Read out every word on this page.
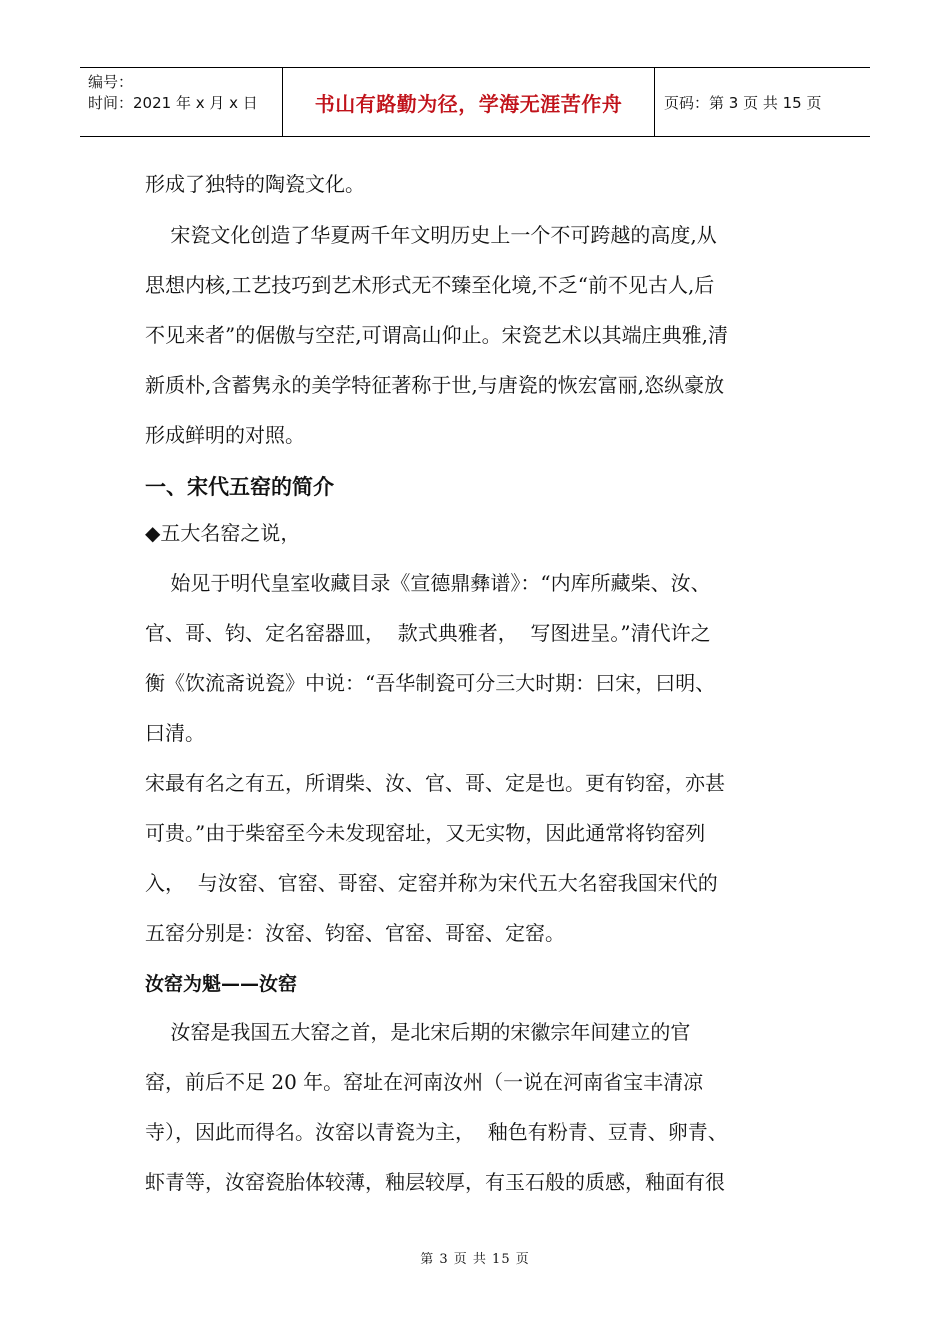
编号：
时间：2021 年 x 月 x 日	书山有路勤为径，学海无涯苦作舟	页码：第 3 页 共 15 页
形成了独特的陶瓷文化。
宋瓷文化创造了华夏两千年文明历史上一个不可跨越的高度,从
思想内核,工艺技巧到艺术形式无不臻至化境,不乏“前不见古人,后
不见来者”的倨傲与空茫,可谓高山仰止。宋瓷艺术以其端庄典雅,清
新质朴,含蓄隽永的美学特征著称于世,与唐瓷的恢宏富丽,恣纵豪放
形成鲜明的对照。
一、宋代五窑的简介
◆五大名窑之说，
始见于明代皇室收藏目录《宣德鼎彝谱》：“内库所藏柴、汝、
官、哥、钧、定名窑器皿，  款式典雅者，  写图进呈。”清代许之
衡《饮流斋说瓷》中说：“吾华制瓷可分三大时期：曰宋，曰明、
曰清。
宋最有名之有五，所谓柴、汝、官、哥、定是也。更有钧窑，亦甚
可贵。”由于柴窑至今未发现窑址，又无实物，因此通常将钧窑列
入，  与汝窑、官窑、哥窑、定窑并称为宋代五大名窑我国宋代的
五窑分别是：汝窑、钧窑、官窑、哥窑、定窑。
汝窑为魁——汝窑
汝窑是我国五大窑之首，是北宋后期的宋徽宗年间建立的官
窑，前后不足 20 年。窑址在河南汝州（一说在河南省宝丰清凉
寺），因此而得名。汝窑以青瓷为主，  釉色有粉青、豆青、卵青、
虾青等，汝窑瓷胎体较薄，釉层较厚，有玉石般的质感，釉面有很
第 3 页 共 15 页
